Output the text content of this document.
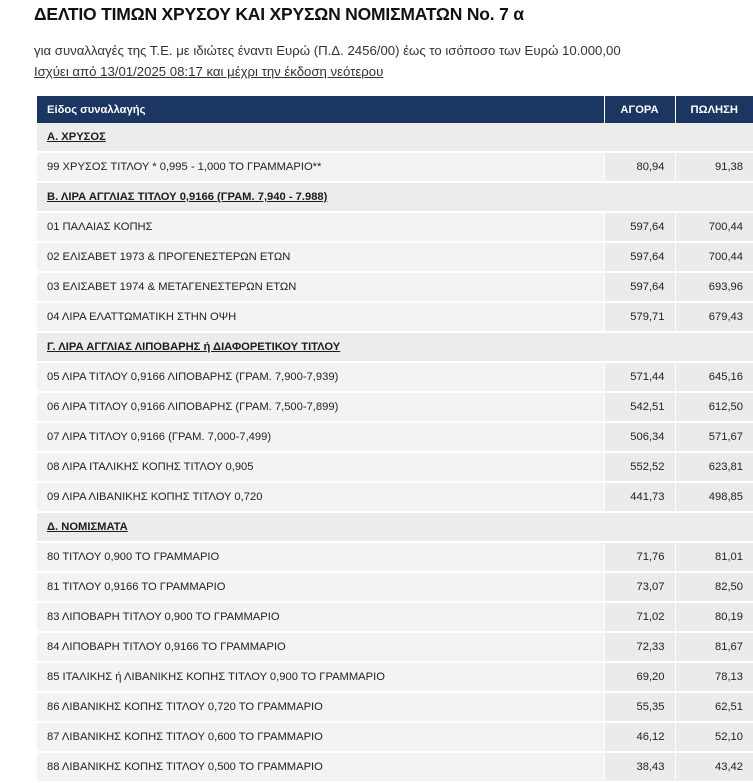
ΔΕΛΤΙΟ ΤΙΜΩΝ ΧΡΥΣΟΥ ΚΑΙ ΧΡΥΣΩΝ ΝΟΜΙΣΜΑΤΩΝ Νο. 7 α
για συναλλαγές της Τ.Ε. με ιδιώτες έναντι Ευρώ (Π.Δ. 2456/00) έως το ισόποσο των Ευρώ 10.000,00
Ισχύει από 13/01/2025 08:17 και μέχρι την έκδοση νεότερου
Είδος συναλλαγής	ΑΓΟΡΑ	ΠΩΛΗΣΗ
Α. ΧΡΥΣΟΣ		
99 ΧΡΥΣΟΣ ΤΙΤΛΟΥ * 0,995 - 1,000 ΤΟ ΓΡΑΜΜΑΡΙΟ**	80,94	91,38
Β. ΛΙΡΑ ΑΓΓΛΙΑΣ ΤΙΤΛΟΥ 0,9166 (ΓΡΑΜ. 7,940 - 7.988)		
01 ΠΑΛΑΙΑΣ ΚΟΠΗΣ	597,64	700,44
02 ΕΛΙΣΑΒΕΤ 1973 & ΠΡΟΓΕΝΕΣΤΕΡΩΝ ΕΤΩΝ	597,64	700,44
03 ΕΛΙΣΑΒΕΤ 1974 & ΜΕΤΑΓΕΝΕΣΤΕΡΩΝ ΕΤΩΝ	597,64	693,96
04 ΛΙΡΑ ΕΛΑΤΤΩΜΑΤΙΚΗ ΣΤΗΝ ΟΨΗ	579,71	679,43
Γ. ΛΙΡΑ ΑΓΓΛΙΑΣ ΛΙΠΟΒΑΡΗΣ ή ΔΙΑΦΟΡΕΤΙΚΟΥ ΤΙΤΛΟΥ		
05 ΛΙΡΑ ΤΙΤΛΟΥ 0,9166 ΛΙΠΟΒΑΡΗΣ (ΓΡΑΜ. 7,900-7,939)	571,44	645,16
06 ΛΙΡΑ ΤΙΤΛΟΥ 0,9166 ΛΙΠΟΒΑΡΗΣ (ΓΡΑΜ. 7,500-7,899)	542,51	612,50
07 ΛΙΡΑ ΤΙΤΛΟΥ 0,9166 (ΓΡΑΜ. 7,000-7,499)	506,34	571,67
08 ΛΙΡΑ ΙΤΑΛΙΚΗΣ ΚΟΠΗΣ ΤΙΤΛΟΥ 0,905	552,52	623,81
09 ΛΙΡΑ ΛΙΒΑΝΙΚΗΣ ΚΟΠΗΣ ΤΙΤΛΟΥ 0,720	441,73	498,85
Δ. ΝΟΜΙΣΜΑΤΑ		
80 ΤΙΤΛΟΥ 0,900 ΤΟ ΓΡΑΜΜΑΡΙΟ	71,76	81,01
81 ΤΙΤΛΟΥ 0,9166 ΤΟ ΓΡΑΜΜΑΡΙΟ	73,07	82,50
83 ΛΙΠΟΒΑΡΗ ΤΙΤΛΟΥ 0,900 ΤΟ ΓΡΑΜΜΑΡΙΟ	71,02	80,19
84 ΛΙΠΟΒΑΡΗ ΤΙΤΛΟΥ 0,9166 ΤΟ ΓΡΑΜΜΑΡΙΟ	72,33	81,67
85 ΙΤΑΛΙΚΗΣ ή ΛΙΒΑΝΙΚΗΣ ΚΟΠΗΣ ΤΙΤΛΟΥ 0,900 ΤΟ ΓΡΑΜΜΑΡΙΟ	69,20	78,13
86 ΛΙΒΑΝΙΚΗΣ ΚΟΠΗΣ ΤΙΤΛΟΥ 0,720 ΤΟ ΓΡΑΜΜΑΡΙΟ	55,35	62,51
87 ΛΙΒΑΝΙΚΗΣ ΚΟΠΗΣ ΤΙΤΛΟΥ 0,600 ΤΟ ΓΡΑΜΜΑΡΙΟ	46,12	52,10
88 ΛΙΒΑΝΙΚΗΣ ΚΟΠΗΣ ΤΙΤΛΟΥ 0,500 ΤΟ ΓΡΑΜΜΑΡΙΟ	38,43	43,42
